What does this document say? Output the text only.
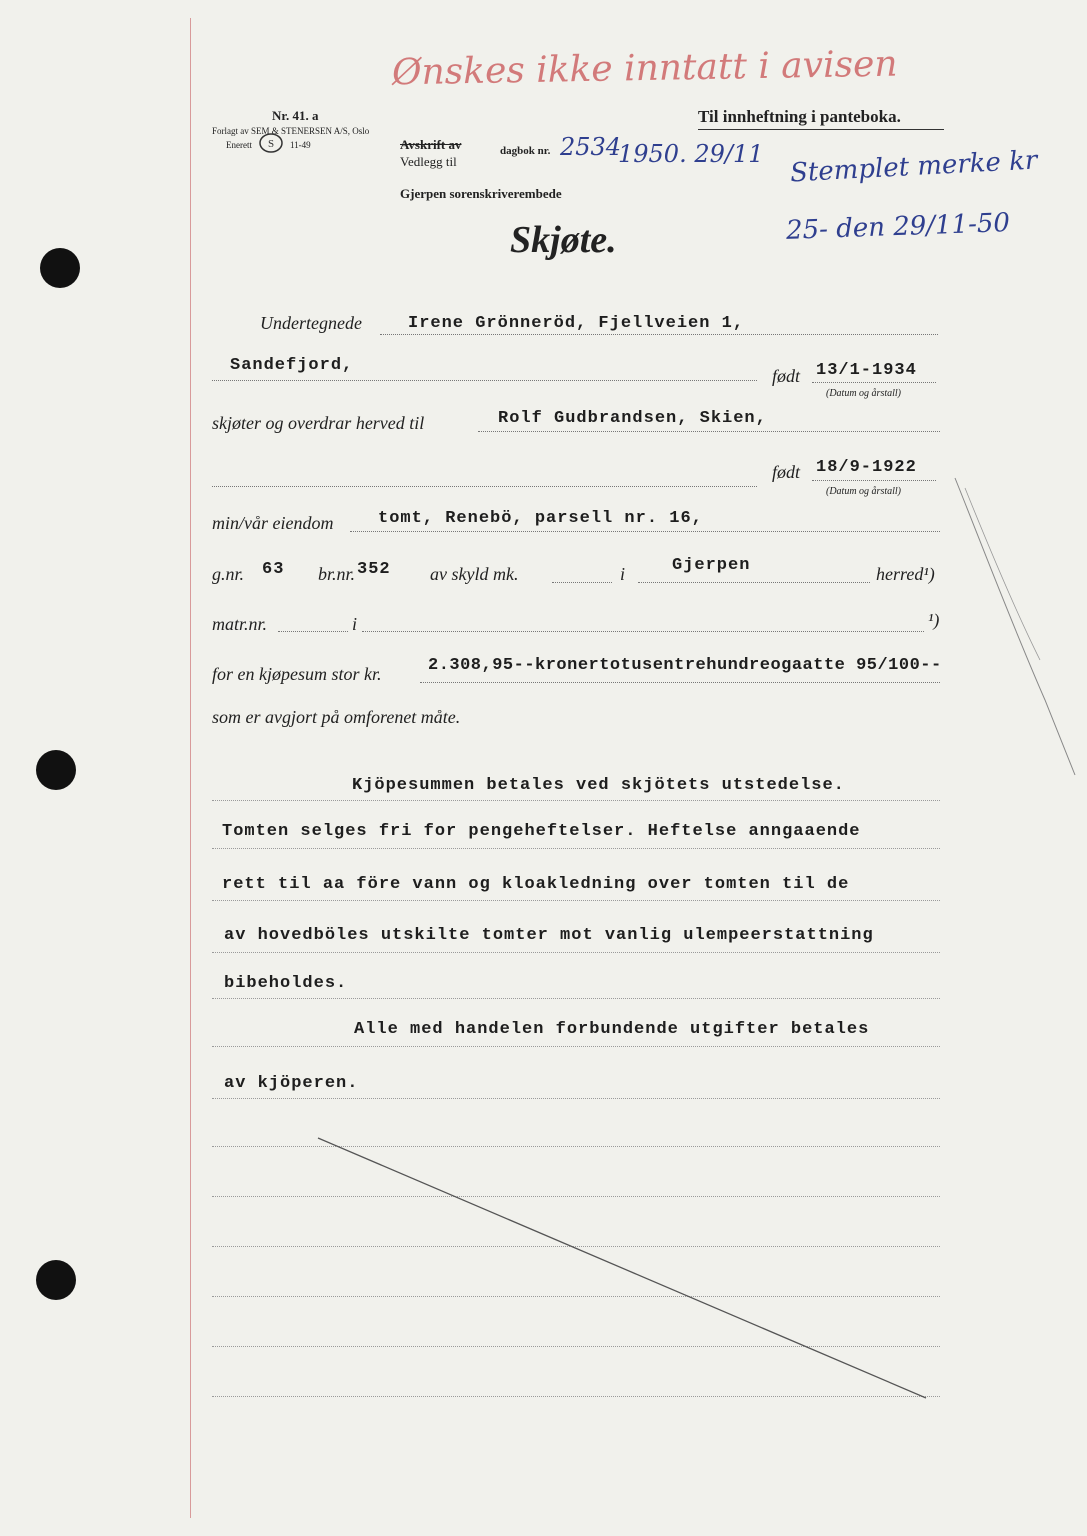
Nr. 41. a
Forlagt av SEM & STENERSEN A/S, Oslo
Enerett S 11-49
Ønskes ikke inntatt i avisen
Til innheftning i panteboka.
Avskrift av
Vedlegg til
dagbok nr. 2534
1950. 29/11
Gjerpen sorenskriverembede
Stemplet merke kr
25- den 29/11-50
Skjøte.
Undertegnede	Irene Grönneröd, Fjellveien 1,
Sandefjord,
født 13/1-1934
(Datum og årstall)
skjøter og overdrar herved til	Rolf Gudbrandsen, Skien,
født 18/9-1922
(Datum og årstall)
min/vår eiendom	tomt, Renebö, parsell nr. 16,
g.nr. 63 br.nr. 352 av skyld mk.	i	Gjerpen	herred¹)
matr.nr.	i	¹)
for en kjøpesum stor kr.	2.308,95--kronertotusentrehundreogaatte 95/100--
som er avgjort på omforenet måte.
Kjöpesummen betales ved skjötets utstedelse.
Tomten selges fri for pengeheftelser. Heftelse anngaaende
rett til aa före vann og kloakledning over tomten til de
av hovedböles utskilte tomter mot vanlig ulempeerstattning
bibeholdes.
Alle med handelen forbundende utgifter betales
av kjöperen.
